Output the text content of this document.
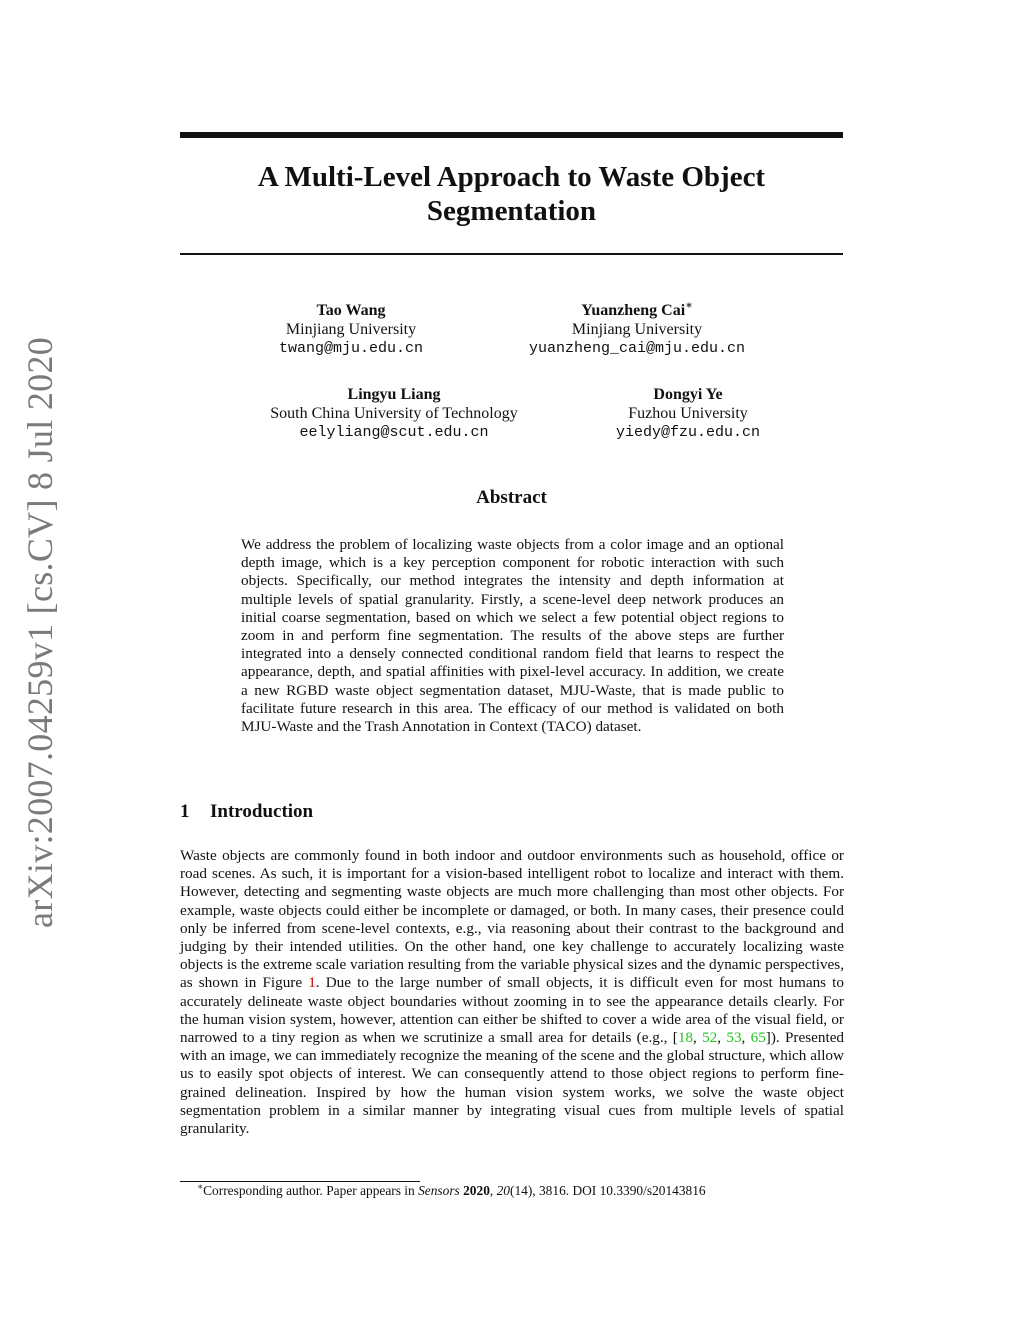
arXiv:2007.04259v1 [cs.CV] 8 Jul 2020
A Multi-Level Approach to Waste Object
Segmentation
Tao Wang
Minjiang University
twang@mju.edu.cn
Yuanzheng Cai∗
Minjiang University
yuanzheng_cai@mju.edu.cn
Lingyu Liang
South China University of Technology
eelyliang@scut.edu.cn
Dongyi Ye
Fuzhou University
yiedy@fzu.edu.cn
Abstract
We address the problem of localizing waste objects from a color image and an optional depth image, which is a key perception component for robotic interaction with such objects. Specifically, our method integrates the intensity and depth information at multiple levels of spatial granularity. Firstly, a scene-level deep network produces an initial coarse segmentation, based on which we select a few potential object regions to zoom in and perform fine segmentation. The results of the above steps are further integrated into a densely connected conditional random field that learns to respect the appearance, depth, and spatial affinities with pixel-level accuracy. In addition, we create a new RGBD waste object segmentation dataset, MJU-Waste, that is made public to facilitate future research in this area. The efficacy of our method is validated on both MJU-Waste and the Trash Annotation in Context (TACO) dataset.
1 Introduction
Waste objects are commonly found in both indoor and outdoor environments such as household, office or road scenes. As such, it is important for a vision-based intelligent robot to localize and interact with them. However, detecting and segmenting waste objects are much more challenging than most other objects. For example, waste objects could either be incomplete or damaged, or both. In many cases, their presence could only be inferred from scene-level contexts, e.g., via reasoning about their contrast to the background and judging by their intended utilities. On the other hand, one key challenge to accurately localizing waste objects is the extreme scale variation resulting from the variable physical sizes and the dynamic perspectives, as shown in Figure 1. Due to the large number of small objects, it is difficult even for most humans to accurately delineate waste object boundaries without zooming in to see the appearance details clearly. For the human vision system, however, attention can either be shifted to cover a wide area of the visual field, or narrowed to a tiny region as when we scrutinize a small area for details (e.g., [18, 52, 53, 65]). Presented with an image, we can immediately recognize the meaning of the scene and the global structure, which allow us to easily spot objects of interest. We can consequently attend to those object regions to perform fine-grained delineation. Inspired by how the human vision system works, we solve the waste object segmentation problem in a similar manner by integrating visual cues from multiple levels of spatial granularity.
∗Corresponding author. Paper appears in Sensors 2020, 20(14), 3816. DOI 10.3390/s20143816
